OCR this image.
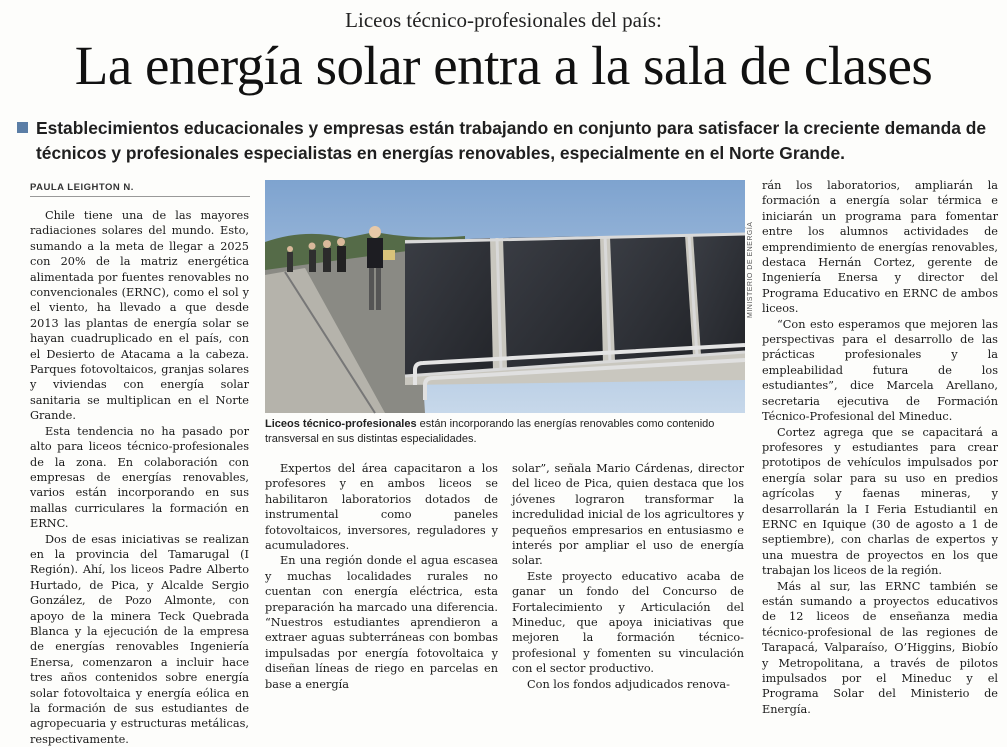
Liceos técnico-profesionales del país:
La energía solar entra a la sala de clases
Establecimientos educacionales y empresas están trabajando en conjunto para satisfacer la creciente demanda de técnicos y profesionales especialistas en energías renovables, especialmente en el Norte Grande.
PAULA LEIGHTON N.

Chile tiene una de las mayores radiaciones solares del mundo. Esto, sumando a la meta de llegar a 2025 con 20% de la matriz energética alimentada por fuentes renovables no convencionales (ERNC), como el sol y el viento, ha llevado a que desde 2013 las plantas de energía solar se hayan cuadruplicado en el país, con el Desierto de Atacama a la cabeza. Parques fotovoltaicos, granjas solares y viviendas con energía solar sanitaria se multiplican en el Norte Grande.

Esta tendencia no ha pasado por alto para liceos técnico-profesionales de la zona. En colaboración con empresas de energías renovables, varios están incorporando en sus mallas curriculares la formación en ERNC.

Dos de esas iniciativas se realizan en la provincia del Tamarugal (I Región). Ahí, los liceos Padre Alberto Hurtado, de Pica, y Alcalde Sergio González, de Pozo Almonte, con apoyo de la minera Teck Quebrada Blanca y la ejecución de la empresa de energías renovables Ingeniería Enersa, comenzaron a incluir hace tres años contenidos sobre energía solar fotovoltaica y energía eólica en la formación de sus estudiantes de agropecuaria y estructuras metálicas, respectivamente.

MINISTERIO DE ENERGÍA
Liceos técnico-profesionales están incorporando las energías renovables como contenido transversal en sus distintas especialidades.

Expertos del área capacitaron a los profesores y en ambos liceos se habilitaron laboratorios dotados de instrumental como paneles fotovoltaicos, inversores, reguladores y acumuladores.

En una región donde el agua escasea y muchas localidades rurales no cuentan con energía eléctrica, esta preparación ha marcado una diferencia. “Nuestros estudiantes aprendieron a extraer aguas subterráneas con bombas impulsadas por energía fotovoltaica y diseñan líneas de riego en parcelas en base a energía

solar”, señala Mario Cárdenas, director del liceo de Pica, quien destaca que los jóvenes lograron transformar la incredulidad inicial de los agricultores y pequeños empresarios en entusiasmo e interés por ampliar el uso de energía solar.

Este proyecto educativo acaba de ganar un fondo del Concurso de Fortalecimiento y Articulación del Mineduc, que apoya iniciativas que mejoren la formación técnico-profesional y fomenten su vinculación con el sector productivo.

Con los fondos adjudicados renova-

rán los laboratorios, ampliarán la formación a energía solar térmica e iniciarán un programa para fomentar entre los alumnos actividades de emprendimiento de energías renovables, destaca Hernán Cortez, gerente de Ingeniería Enersa y director del Programa Educativo en ERNC de ambos liceos.

“Con esto esperamos que mejoren las perspectivas para el desarrollo de las prácticas profesionales y la empleabilidad futura de los estudiantes”, dice Marcela Arellano, secretaria ejecutiva de Formación Técnico-Profesional del Mineduc.

Cortez agrega que se capacitará a profesores y estudiantes para crear prototipos de vehículos impulsados por energía solar para su uso en predios agrícolas y faenas mineras, y desarrollarán la I Feria Estudiantil en ERNC en Iquique (30 de agosto a 1 de septiembre), con charlas de expertos y una muestra de proyectos en los que trabajan los liceos de la región.

Más al sur, las ERNC también se están sumando a proyectos educativos de 12 liceos de enseñanza media técnico-profesional de las regiones de Tarapacá, Valparaíso, O’Higgins, Biobío y Metropolitana, a través de pilotos impulsados por el Mineduc y el Programa Solar del Ministerio de Energía.
